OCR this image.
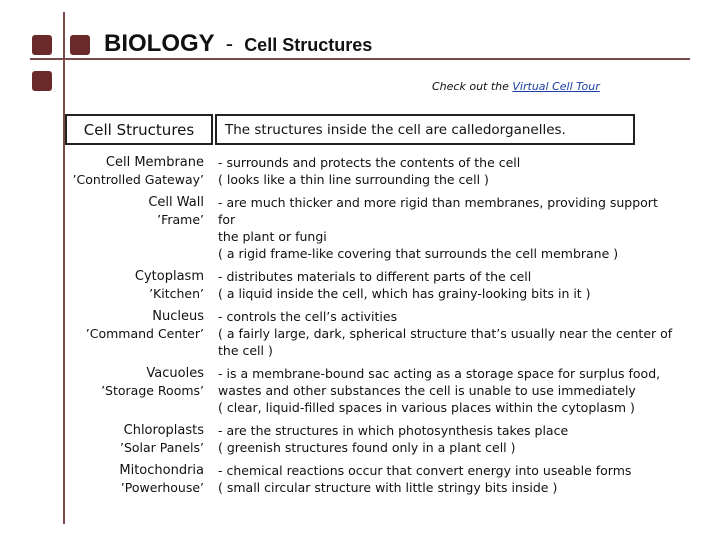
BIOLOGY - Cell Structures
Check out the Virtual Cell Tour
Cell Structures The structures inside the cell are called organelles .
Cell Membrane
’Controlled Gateway’
- surrounds and protects the contents of the cell
( looks like a thin line surrounding the cell )
Cell Wall
’Frame’
- are much thicker and more rigid than membranes, providing support for
the plant or fungi
( a rigid frame-like covering that surrounds the cell membrane )
Cytoplasm
’Kitchen’
- distributes materials to different parts of the cell
( a liquid inside the cell, which has grainy-looking bits in it )
Nucleus
’Command Center’
- controls the cell’s activities
( a fairly large, dark, spherical structure that’s usually near the center of
the cell )
Vacuoles
’Storage Rooms’
- is a membrane-bound sac acting as a storage space for surplus food,
wastes and other substances the cell is unable to use immediately
( clear, liquid-filled spaces in various places within the cytoplasm )
Chloroplasts
’Solar Panels’
- are the structures in which photosynthesis takes place
( greenish structures found only in a plant cell )
Mitochondria
’Powerhouse’
- chemical reactions occur that convert energy into useable forms
( small circular structure with little stringy bits inside )
